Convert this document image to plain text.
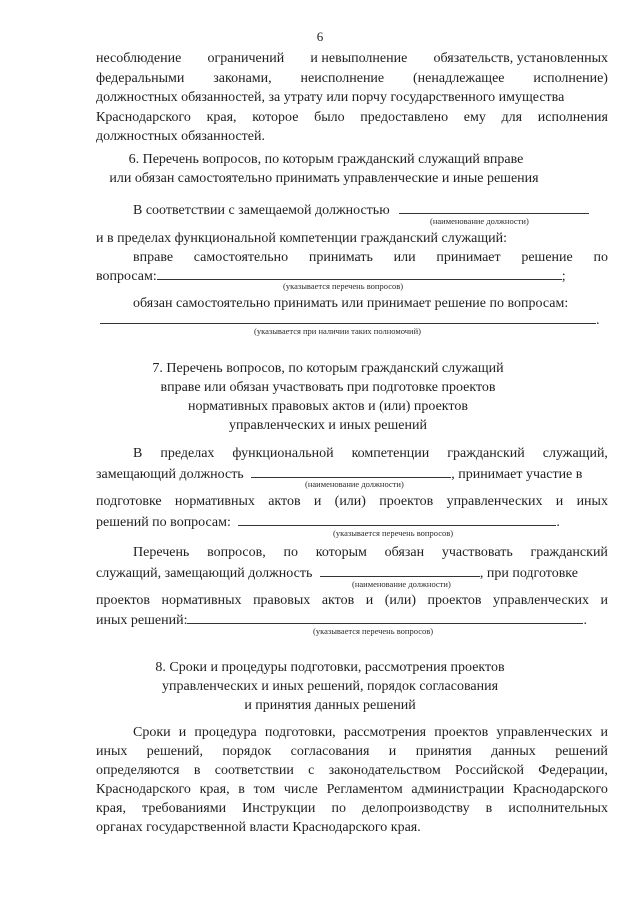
6
несоблюдение ограничений и невыполнение обязательств, установленных
федеральными законами, неисполнение (ненадлежащее исполнение)
должностных обязанностей, за утрату или порчу государственного имущества
Краснодарского края, которое было предоставлено ему для исполнения
должностных обязанностей.
6. Перечень вопросов, по которым гражданский служащий вправе
или обязан самостоятельно принимать управленческие и иные решения
В соответствии с замещаемой должностью
(наименование должности)
и в пределах функциональной компетенции гражданский служащий:
вправе самостоятельно принимать или принимает решение по
вопросам:	;
(указывается перечень вопросов)
обязан самостоятельно принимать или принимает решение по вопросам:
.
(указывается при наличии таких полномочий)
7. Перечень вопросов, по которым гражданский служащий
вправе или обязан участвовать при подготовке проектов
нормативных правовых актов и (или) проектов
управленческих и иных решений
В пределах функциональной компетенции гражданский служащий,
замещающий должность	, принимает участие в
(наименование должности)
подготовке нормативных актов и (или) проектов управленческих и иных
решений по вопросам:	.
(указывается перечень вопросов)
Перечень вопросов, по которым обязан участвовать гражданский
служащий, замещающий должность	, при подготовке
(наименование должности)
проектов нормативных правовых актов и (или) проектов управленческих и
иных решений:	.
(указывается перечень вопросов)
8. Сроки и процедуры подготовки, рассмотрения проектов
управленческих и иных решений, порядок согласования
и принятия данных решений
Сроки и процедура подготовки, рассмотрения проектов управленческих и
иных решений, порядок согласования и принятия данных решений
определяются в соответствии с законодательством Российской Федерации,
Краснодарского края, в том числе Регламентом администрации Краснодарского
края, требованиями Инструкции по делопроизводству в исполнительных
органах государственной власти Краснодарского края.
